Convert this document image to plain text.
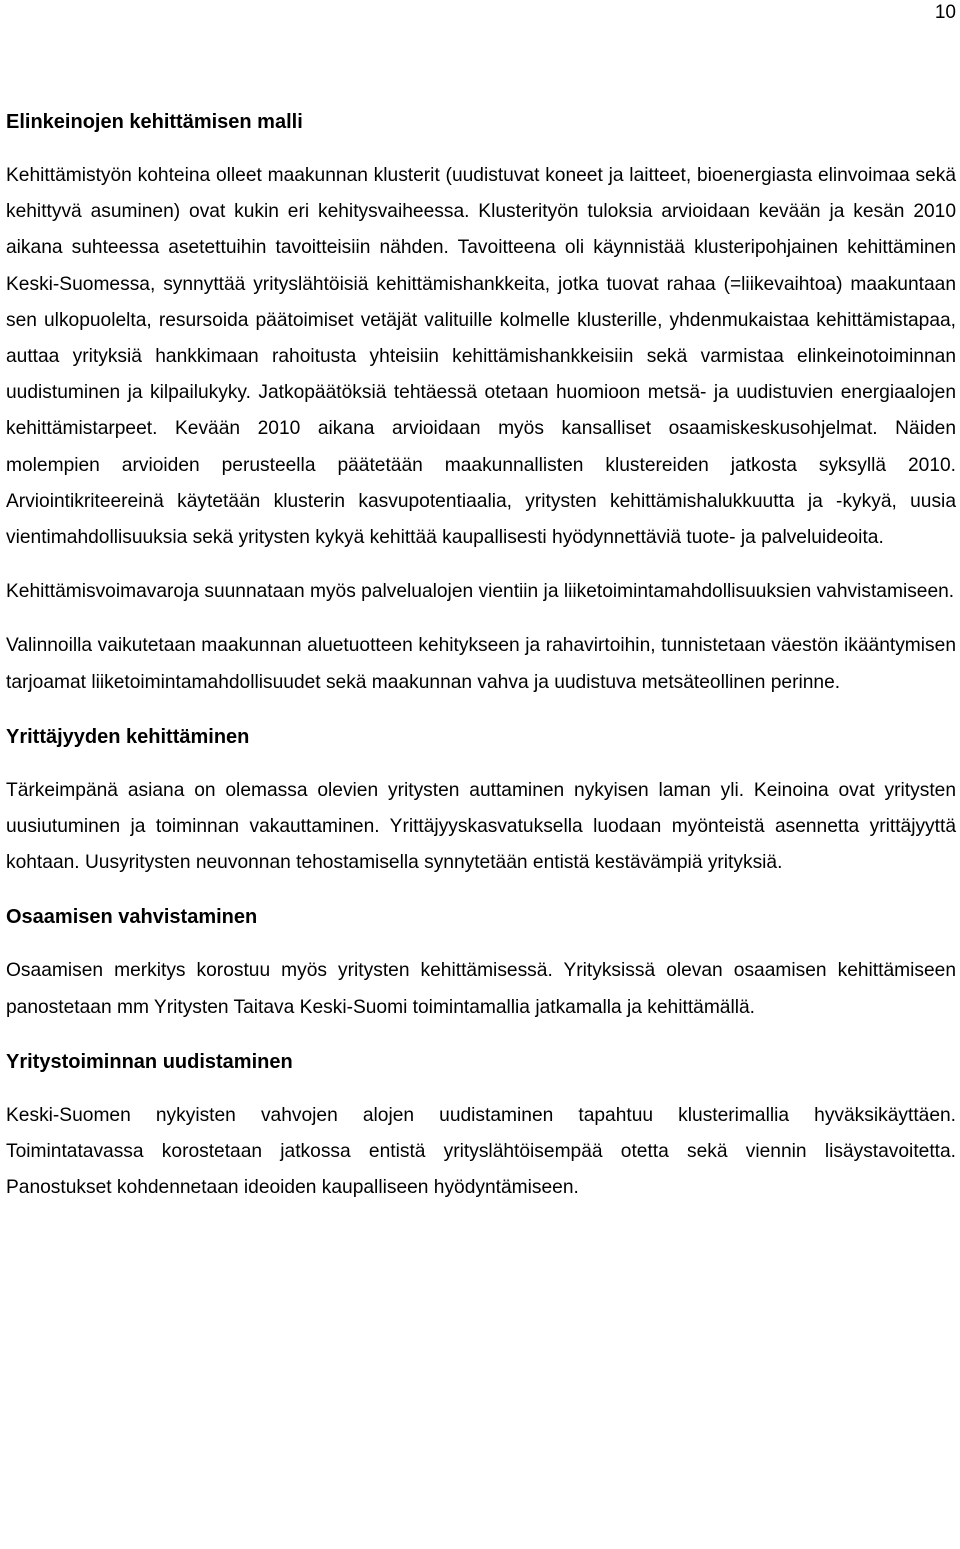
10
Elinkeinojen kehittämisen malli

Kehittämistyön kohteina olleet maakunnan klusterit (uudistuvat koneet ja laitteet, bioenergiasta elinvoimaa sekä kehittyvä asuminen) ovat kukin eri kehitysvaiheessa. Klusterityön tuloksia arvioidaan kevään ja kesän 2010 aikana suhteessa asetettuihin tavoitteisiin nähden. Tavoitteena oli käynnistää klusteripohjainen kehittäminen Keski-Suomessa, synnyttää yrityslähtöisiä kehittämishankkeita, jotka tuovat rahaa (=liikevaihtoa) maakuntaan sen ulkopuolelta, resursoida päätoimiset vetäjät valituille kolmelle klusterille, yhdenmukaistaa kehittämistapaa, auttaa yrityksiä hankkimaan rahoitusta yhteisiin kehittämishankkeisiin sekä varmistaa elinkeinotoiminnan uudistuminen ja kilpailukyky. Jatkopäätöksiä tehtäessä otetaan huomioon metsä- ja uudistuvien energiaalojen kehittämistarpeet. Kevään 2010 aikana arvioidaan myös kansalliset osaamiskeskusohjelmat. Näiden molempien arvioiden perusteella päätetään maakunnallisten klustereiden jatkosta syksyllä 2010. Arviointikriteereinä käytetään klusterin kasvupotentiaalia, yritysten kehittämishalukkuutta ja -kykyä, uusia vientimahdollisuuksia sekä yritysten kykyä kehittää kaupallisesti hyödynnettäviä tuote- ja palveluideoita.

Kehittämisvoimavaroja suunnataan myös palvelualojen vientiin ja liiketoimintamahdollisuuksien vahvistamiseen.

Valinnoilla vaikutetaan maakunnan aluetuotteen kehitykseen ja rahavirtoihin, tunnistetaan väestön ikääntymisen tarjoamat liiketoimintamahdollisuudet sekä maakunnan vahva ja uudistuva metsäteollinen perinne.

Yrittäjyyden kehittäminen

Tärkeimpänä asiana on olemassa olevien yritysten auttaminen nykyisen laman yli. Keinoina ovat yritysten uusiutuminen ja toiminnan vakauttaminen. Yrittäjyyskasvatuksella luodaan myönteistä asennetta yrittäjyyttä kohtaan. Uusyritysten neuvonnan tehostamisella synnytetään entistä kestävämpiä yrityksiä.

Osaamisen vahvistaminen

Osaamisen merkitys korostuu myös yritysten kehittämisessä. Yrityksissä olevan osaamisen kehittämiseen panostetaan mm Yritysten Taitava Keski-Suomi toimintamallia jatkamalla ja kehittämällä.

Yritystoiminnan uudistaminen

Keski-Suomen nykyisten vahvojen alojen uudistaminen tapahtuu klusterimallia hyväksikäyttäen. Toimintatavassa korostetaan jatkossa entistä yrityslähtöisempää otetta sekä viennin lisäystavoitetta. Panostukset kohdennetaan ideoiden kaupalliseen hyödyntämiseen.
